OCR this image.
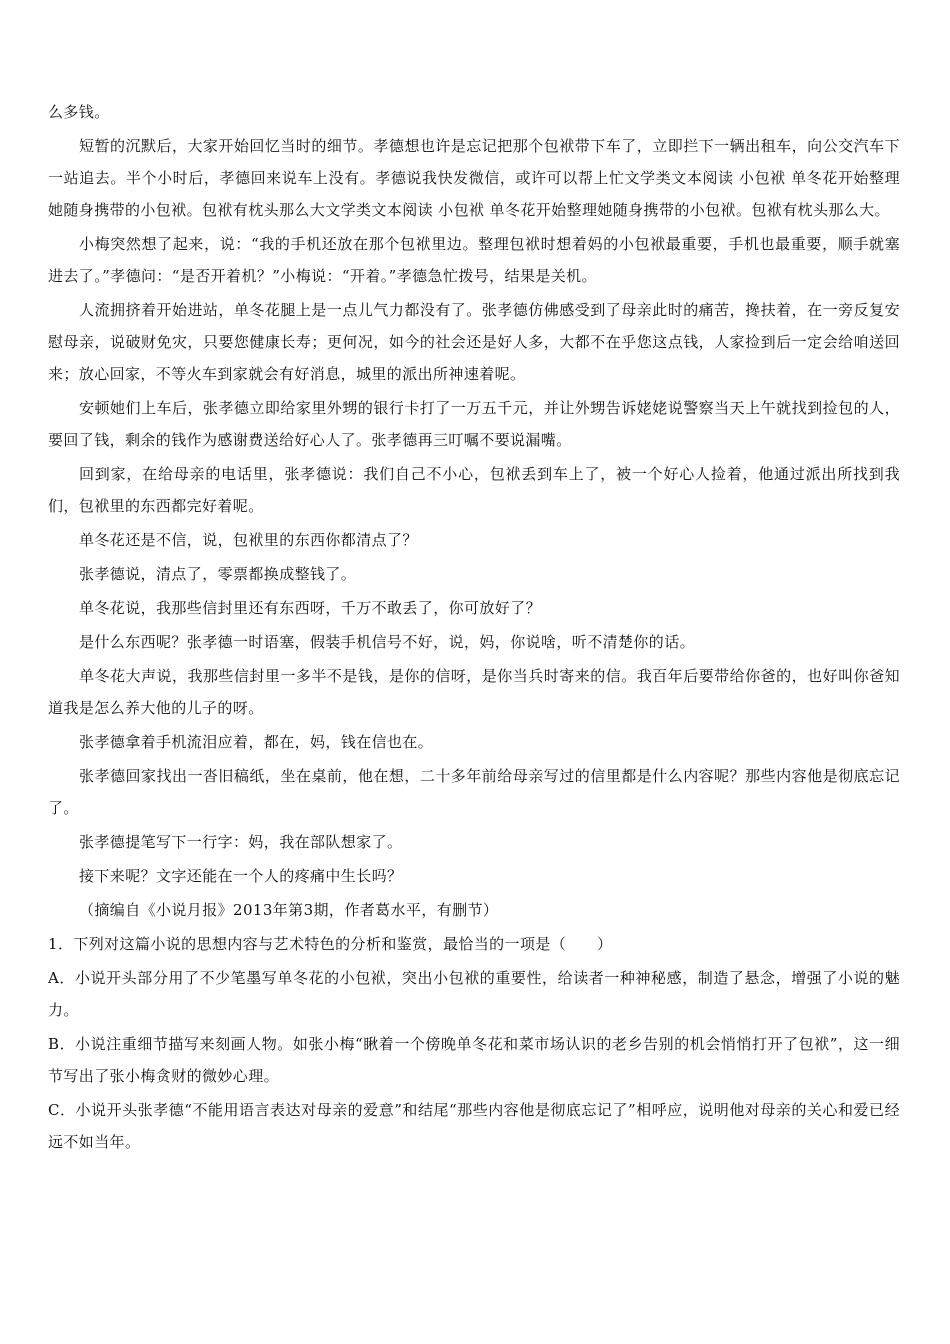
么多钱。

短暂的沉默后，大家开始回忆当时的细节。孝德想也许是忘记把那个包袱带下车了，立即拦下一辆出租车，向公交汽车下一站追去。半个小时后，孝德回来说车上没有。孝德说我快发微信，或许可以帮上忙文学类文本阅读 小包袱 单冬花开始整理她随身携带的小包袱。包袱有枕头那么大文学类文本阅读 小包袱 单冬花开始整理她随身携带的小包袱。包袱有枕头那么大。

小梅突然想了起来，说：“我的手机还放在那个包袱里边。整理包袱时想着妈的小包袱最重要，手机也最重要，顺手就塞进去了。”孝德问：“是否开着机？”小梅说：“开着。”孝德急忙拨号，结果是关机。

人流拥挤着开始进站，单冬花腿上是一点儿气力都没有了。张孝德仿佛感受到了母亲此时的痛苦，搀扶着，在一旁反复安慰母亲，说破财免灾，只要您健康长寿；更何况，如今的社会还是好人多，大都不在乎您这点钱，人家捡到后一定会给咱送回来；放心回家，不等火车到家就会有好消息，城里的派出所神速着呢。

安顿她们上车后，张孝德立即给家里外甥的银行卡打了一万五千元，并让外甥告诉姥姥说警察当天上午就找到捡包的人，要回了钱，剩余的钱作为感谢费送给好心人了。张孝德再三叮嘱不要说漏嘴。

回到家，在给母亲的电话里，张孝德说：我们自己不小心，包袱丢到车上了，被一个好心人捡着，他通过派出所找到我们，包袱里的东西都完好着呢。

单冬花还是不信，说，包袱里的东西你都清点了？

张孝德说，清点了，零票都换成整钱了。

单冬花说，我那些信封里还有东西呀，千万不敢丢了，你可放好了？

是什么东西呢？张孝德一时语塞，假装手机信号不好，说，妈，你说啥，听不清楚你的话。

单冬花大声说，我那些信封里一多半不是钱，是你的信呀，是你当兵时寄来的信。我百年后要带给你爸的，也好叫你爸知道我是怎么养大他的儿子的呀。

张孝德拿着手机流泪应着，都在，妈，钱在信也在。

张孝德回家找出一沓旧稿纸，坐在桌前，他在想，二十多年前给母亲写过的信里都是什么内容呢？那些内容他是彻底忘记了。

张孝德提笔写下一行字：妈，我在部队想家了。

接下来呢？文字还能在一个人的疼痛中生长吗？

（摘编自《小说月报》2013年第3期，作者葛水平，有删节）

1．下列对这篇小说的思想内容与艺术特色的分析和鉴赏，最恰当的一项是（　　）

A．小说开头部分用了不少笔墨写单冬花的小包袱，突出小包袱的重要性，给读者一种神秘感，制造了悬念，增强了小说的魅力。

B．小说注重细节描写来刻画人物。如张小梅“瞅着一个傍晚单冬花和菜市场认识的老乡告别的机会悄悄打开了包袱”，这一细节写出了张小梅贪财的微妙心理。

C．小说开头张孝德“不能用语言表达对母亲的爱意”和结尾“那些内容他是彻底忘记了”相呼应，说明他对母亲的关心和爱已经远不如当年。
